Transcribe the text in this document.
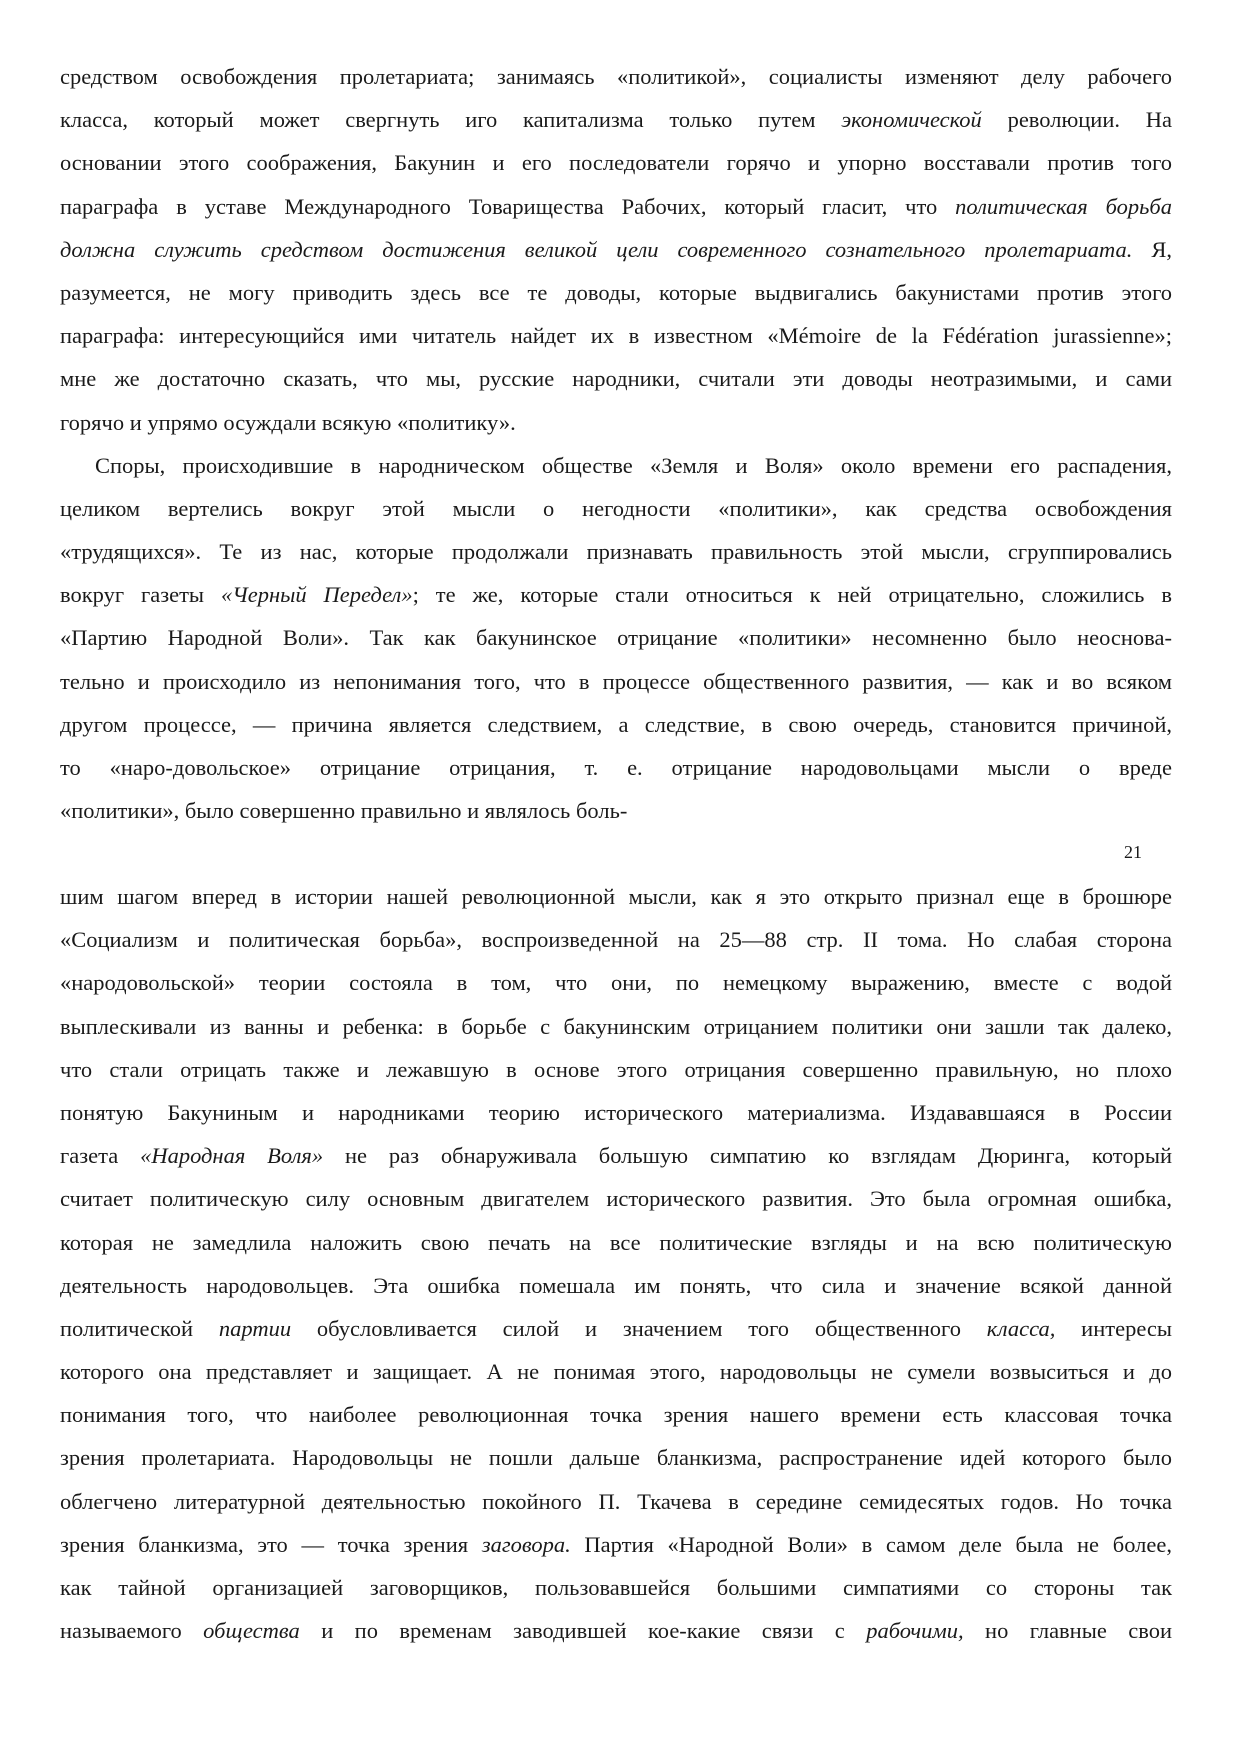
средством освобождения пролетариата; занимаясь «политикой», социалисты изменяют делу рабочего
класса, который может свергнуть иго капитализма только путем экономической революции. На
основании этого соображения, Бакунин и его последователи горячо и упорно восставали против того
параграфа в уставе Международного Товарищества Рабочих, который гласит, что политическая борьба
должна служить средством достижения великой цели современного сознательного пролетариата. Я,
разумеется, не могу приводить здесь все те доводы, которые выдвигались бакунистами против этого
параграфа: интересующийся ими читатель найдет их в известном «Mémoire de la Fédération jurassienne»;
мне же достаточно сказать, что мы, русские народники, считали эти доводы неотразимыми, и сами
горячо и упрямо осуждали всякую «политику».
Споры, происходившие в народническом обществе «Земля и Воля» около времени его распадения,
целиком вертелись вокруг этой мысли о негодности «политики», как средства освобождения
«трудящихся». Те из нас, которые продолжали признавать правильность этой мысли, сгруппировались
вокруг газеты «Черный Передел»; те же, которые стали относиться к ней отрицательно, сложились в
«Партию Народной Воли». Так как бакунинское отрицание «политики» несомненно было неоснова-
тельно и происходило из непонимания того, что в процессе общественного развития, — как и во всяком
другом процессе, — причина является следствием, а следствие, в свою очередь, становится причиной,
то «наро-довольское» отрицание отрицания, т. е. отрицание народовольцами мысли о вреде
«политики», было совершенно правильно и являлось боль-
21
шим шагом вперед в истории нашей революционной мысли, как я это открыто признал еще в брошюре
«Социализм и политическая борьба», воспроизведенной на 25—88 стр. II тома. Но слабая сторона
«народовольской» теории состояла в том, что они, по немецкому выражению, вместе с водой
выплескивали из ванны и ребенка: в борьбе с бакунинским отрицанием политики они зашли так далеко,
что стали отрицать также и лежавшую в основе этого отрицания совершенно правильную, но плохо
понятую Бакуниным и народниками теорию исторического материализма. Издававшаяся в России
газета «Народная Воля» не раз обнаруживала большую симпатию ко взглядам Дюринга, который
считает политическую силу основным двигателем исторического развития. Это была огромная ошибка,
которая не замедлила наложить свою печать на все политические взгляды и на всю политическую
деятельность народовольцев. Эта ошибка помешала им понять, что сила и значение всякой данной
политической партии обусловливается силой и значением того общественного класса, интересы
которого она представляет и защищает. А не понимая этого, народовольцы не сумели возвыситься и до
понимания того, что наиболее революционная точка зрения нашего времени есть классовая точка
зрения пролетариата. Народовольцы не пошли дальше бланкизма, распространение идей которого было
облегчено литературной деятельностью покойного П. Ткачева в середине семидесятых годов. Но точка
зрения бланкизма, это — точка зрения заговора. Партия «Народной Воли» в самом деле была не более,
как тайной организацией заговорщиков, пользовавшейся большими симпатиями со стороны так
называемого общества и по временам заводившей кое-какие связи с рабочими, но главные свои
